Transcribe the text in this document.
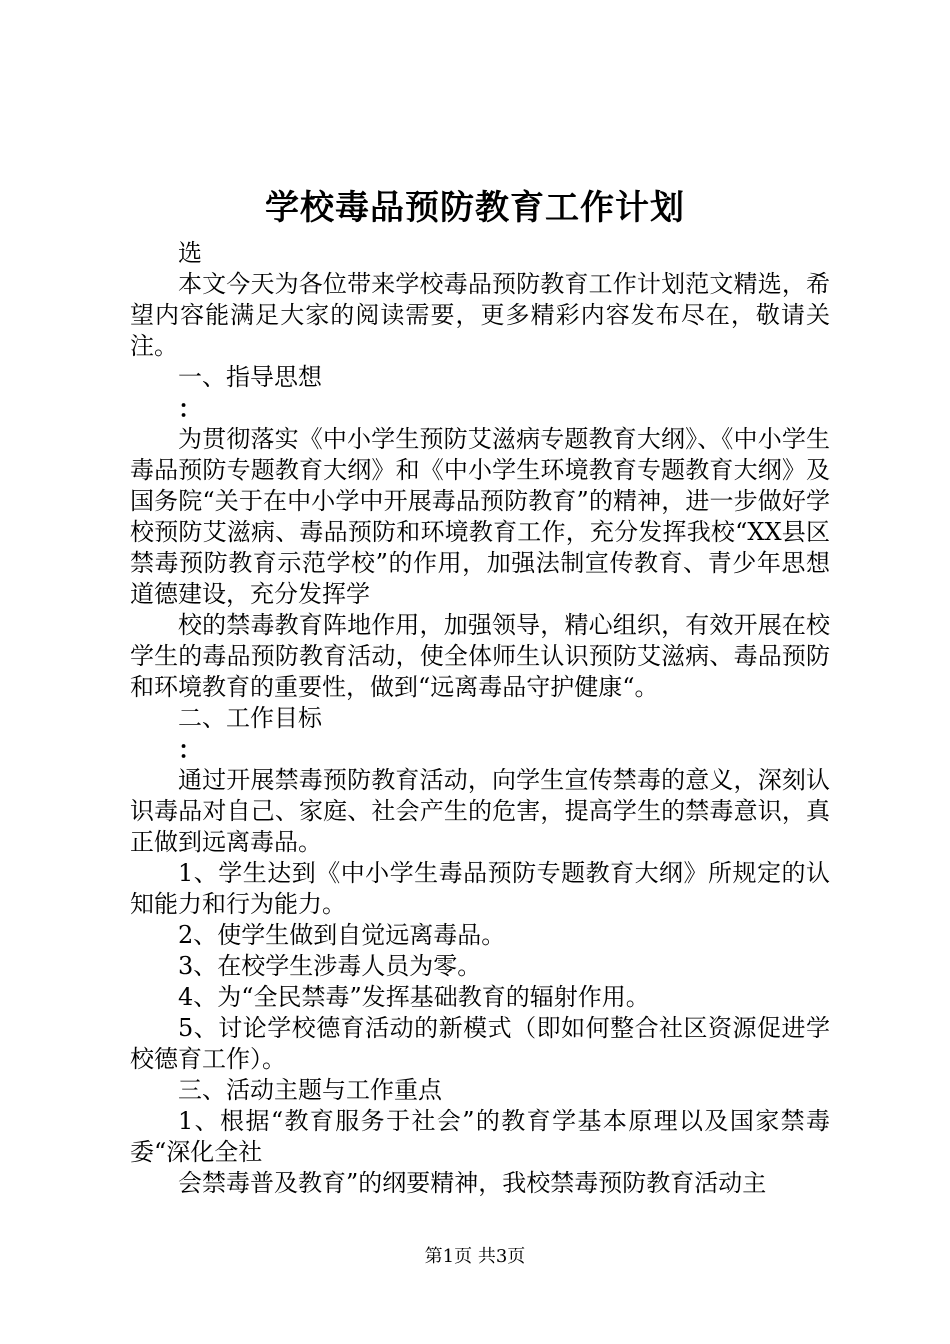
学校毒品预防教育工作计划

选

本文今天为各位带来学校毒品预防教育工作计划范文精选，希望内容能满足大家的阅读需要，更多精彩内容发布尽在，敬请关注。

一、指导思想

：

为贯彻落实《中小学生预防艾滋病专题教育大纲》、《中小学生毒品预防专题教育大纲》和《中小学生环境教育专题教育大纲》及国务院“关于在中小学中开展毒品预防教育”的精神，进一步做好学校预防艾滋病、毒品预防和环境教育工作，充分发挥我校“XX县区禁毒预防教育示范学校”的作用，加强法制宣传教育、青少年思想道德建设，充分发挥学

校的禁毒教育阵地作用，加强领导，精心组织，有效开展在校学生的毒品预防教育活动，使全体师生认识预防艾滋病、毒品预防和环境教育的重要性，做到“远离毒品守护健康“。

二、工作目标

：

通过开展禁毒预防教育活动，向学生宣传禁毒的意义，深刻认识毒品对自己、家庭、社会产生的危害，提高学生的禁毒意识，真正做到远离毒品。

1、学生达到《中小学生毒品预防专题教育大纲》所规定的认知能力和行为能力。

2、使学生做到自觉远离毒品。

3、在校学生涉毒人员为零。

4、为“全民禁毒”发挥基础教育的辐射作用。

5、讨论学校德育活动的新模式（即如何整合社区资源促进学校德育工作）。

三、活动主题与工作重点

1、根据“教育服务于社会”的教育学基本原理以及国家禁毒委“深化全社

会禁毒普及教育”的纲要精神，我校禁毒预防教育活动主

第1页 共3页
